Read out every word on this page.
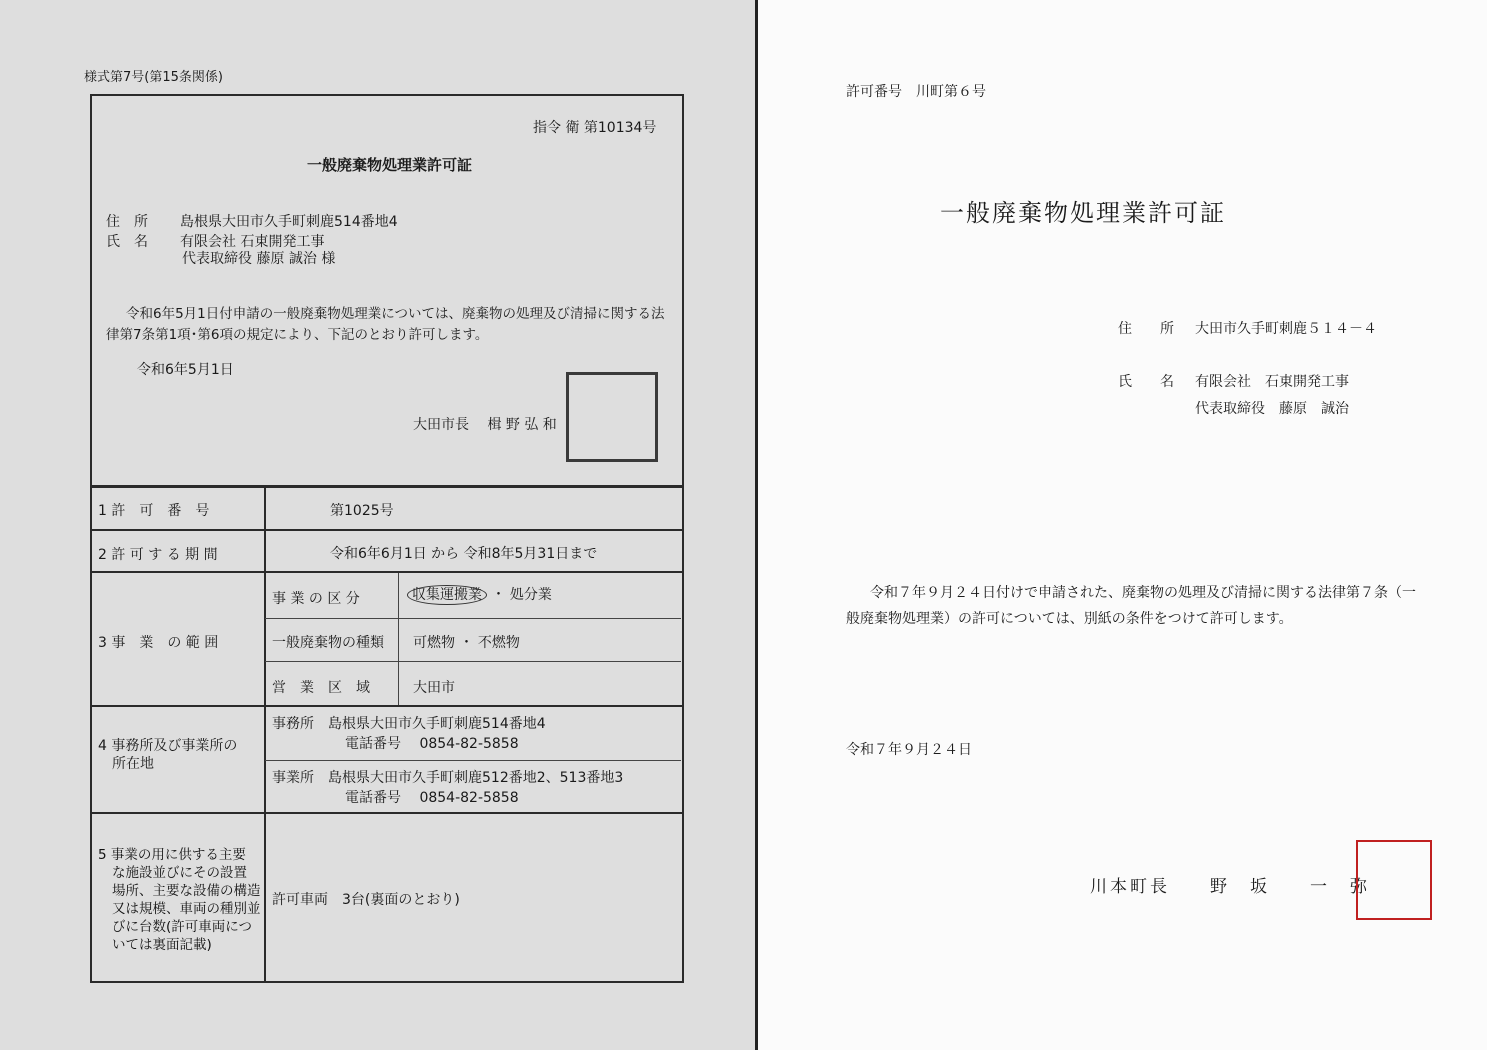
様式第7号(第15条関係)
指令 衛 第10134号
一般廃棄物処理業許可証
住　所 島根県大田市久手町刺鹿514番地4
氏　名 有限会社 石東開発工事
代表取締役 藤原 誠治 様
令和6年5月1日付申請の一般廃棄物処理業については、廃棄物の処理及び清掃に関する法
律第7条第1項･第6項の規定により、下記のとおり許可します。
令和6年5月1日
大田市長　 楫 野 弘 和
1 許　可　番　号	第1025号
2 許 可 す る 期 間	令和6年6月1日 から 令和8年5月31日まで
3 事　業　の 範 囲
事 業 の 区 分	収集運搬業 ・ 処分業
一般廃棄物の種類 可燃物 ・ 不燃物
営　業　区　域	大田市
4 事務所及び事業所の
所在地
事務所　島根県大田市久手町刺鹿514番地4
電話番号　 0854-82-5858
事業所　島根県大田市久手町刺鹿512番地2、513番地3
電話番号　 0854-82-5858
5 事業の用に供する主要
な施設並びにその設置
場所、主要な設備の構造
又は規模、車両の種別並
びに台数(許可車両につ
いては裏面記載)
許可車両　3台(裏面のとおり)
許可番号　川町第６号
一般廃棄物処理業許可証
住　　所 大田市久手町刺鹿５１４－４
氏　　名 有限会社　石東開発工事
代表取締役　藤原　誠治
令和７年９月２４日付けで申請された、廃棄物の処理及び清掃に関する法律第７条（一
般廃棄物処理業）の許可については、別紙の条件をつけて許可します。
令和７年９月２４日
川本町長　　野　坂　　一　弥
